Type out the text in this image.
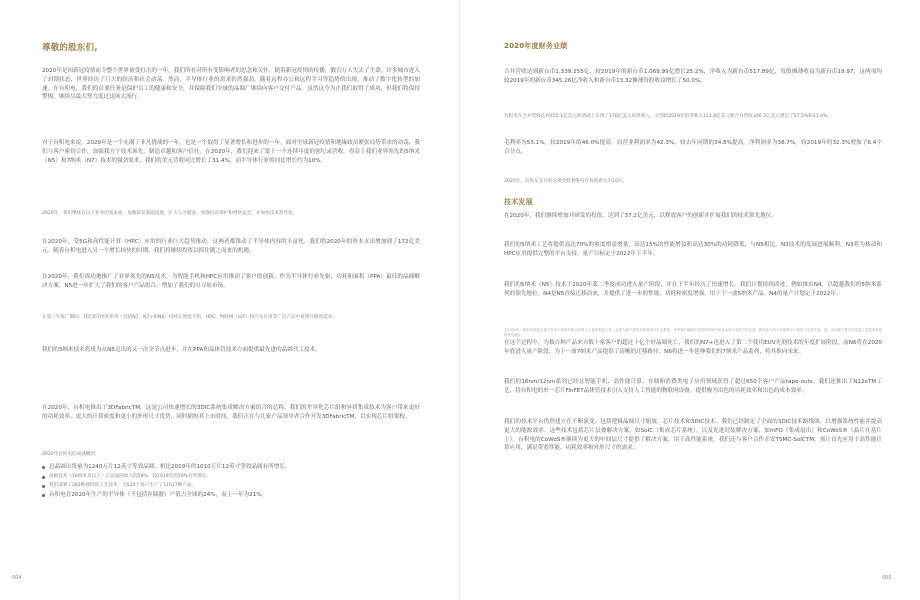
尊敬的股东们,
2020年是因新冠疫情而令整个世界备受打击的一年，我们所看对所有受影响者的思念和关怀。随着新冠疫情的传播，数百万人失去了生命，许多城市进入了封锁状态，世界经历了巨大的经济和社会动荡。然而，半导体行业的需求仍然强劲，随着远程办公和远程学习等趋势的出现，推动了数字化转型的加速。在台积电，我们的首要任务是保护员工的健康和安全，并保障我们全球的晶圆厂继续向客户交付产品。虽然这今为止我们取得了成功，但我们将保持警惕，继续尽最大努力度过这场大流行。
对于台积电来说，2020年是一个充满了非凡挑战的一年，也是一个取得了显著增长和进步的一年。面对全球新冠疫情和地缘政治紧张局势带来的动荡，我们与客户密切合作，加强我方于技术领先、制造卓越和客户信任。在2020年，我们迎来了第十一个连续年度的创纪录营收。得益于我们业界领先的5纳米（N5）和7纳米（N7）技术的强劲需求，我们的美元营收同比增长了31.4%，而半导体行业的同比增长约为10%。
2020年，我们继续在以下业务的基本面，加强研发基础设施，扩大人才储备，加强信息保护和网络安全，并加快技术差异化。
在2020年，受5G和高性能计算（HPC）应用的行业巨大趋势推动，这两者都推动了半导体内容的丰富化。我们将2020年的资本支出增加到了172亿美元。随着台积电进入另一个增长较快的时期，我们将继续投资以抓住随之而来的机遇。
在2020年，我们成功地推广了业界领先的N5技术，为智能手机和HPC应用推动了客户的创新。作为半导体行业先驱，功耗和面积（PPA）最佳的晶圆解决方案。N5进一步扩大了我们的客户产品组合，增加了我们的可寻址市场。
在第三年推广期间，我们的7纳米系列（包括N7、N7+和N6）持续在智能手机、HPC、物联网（IoT）和汽车应用等广泛产品中看到升级的需求。
我们的3纳米技术将成为从N5迈出的又一次全节点进步，并在PPA和晶体管技术方面提供最先进的晶圆代工技术。
在2020年，台积电推出了3DFabricTM，这是公司快速增长的3DIC系统集成解决方案组合的总称。我们的差异化芯片组和异质集成技术为客户带来更好的功耗效率、更大的计算密度和更小的外形尺寸优势，同时缩短其上市时间。我们正在与几家产品领导者合作开发3DFabricTM，以实现芯片组架构。
2020年台积电的成就概况:
总晶圆出货量为1240万片12英寸等效晶圆，相比2019年的1010万片12英寸等效晶圆有所增长。
高级技术（16纳米及以上）占总晶圆收入的58%，较2019年的50%有所增长。
我们部署了281种独特的工艺技术，为510个客户生产了11617种产品。
台积电在2020年生产的半导体（不包括存储器）产值占全球的24%，而上一年为21%。
004
2020年度财务业绩
合并营收达到新台币1,339.255亿，较2019年的新台币1,069.99亿增长25.2%，净收入为新台币517.89亿，每股摊薄收益为新台币19.97，这两项均较2019年的新台币345.26亿净收入和新台币13.32摊薄每股收益增长了50.0%。
台积电在合并营收达到455.1亿美元的基础上实现了176亿美元的净收入，分别较2019年的净收入111.8亿美元和合并营收346.3亿美元增长了57.5%和31.4%。
毛利率为53.1%，较2019年的46.0%提高，而营业利润率为42.3%，较去年同期的34.8%提高。净利润率为38.7%，较2019年的32.3%增加了6.4个百分点。
2020年，向股东支付的总现金股利维持在每股新台币10元。
技术发展
在2020年，我们继续增加对研发的投资，达到了37.2亿美元，以释放客户的创新并扩展我们的技术领先地位。
我们的5纳米工艺将提供高达70%的密度增益增量，高达15%的性能增益和高达30%的功耗降低，与N5相比。N3技术的发展进展顺利。N3将为移动和HPC应用提供完整的平台支持，量产目标定于2022年下半年。
我们的5纳米（N5）技术于2020年第二季度成功进入量产阶段，并在下半年经历了快速增长。我们计划持续改进，例如推出N4，以超越我们的5纳米系列的领先地位。N4是N5直接迁移而来，并提供了进一步的性能、功耗和密度增强，用于下一波5纳米产品。N4的量产计划定于2022年。
在2020年，我们为持续与客户在各个领域开展合作做了大量的准备工作，包括为客户提供优化的设计生态系统，并使客户能够在更短的时间内完成从设计到生产的过渡。我们还为各个市场推出了新的工艺和产品，进一步加强了我们在先进工艺技术领域的领先地位。
在这个过程中，为数百种产品来自数十家客户的超过十亿个好晶圆死亡，我们的N7+也进入了第二个使用EUV光刻技术的年度扩展阶段，而N6将在2020年底进入量产阶段，为下一波7纳米产品提供了清晰的迁移路径。N6将进一步延伸我们的7纳米产品系列，将其推向未来。
我们的16nm/12nm系列已经在智能手机、高性能计算、存储和消费类电子应用领域获得了超过650个客户产品tape-outs。我们还推出了N12eTM工艺，将台积电的单一芯片FinFET晶体管技术引入支持人工智能的物联网设备，提供极为出色的功耗效率和出色的成本效率。
我们的技术平台仍然建立在不断演变、包括逻辑晶圆尺寸缩放、芯片技术和3DIC技术。我们已经制定了全面的3DIC技术路线图，以增强系统性能并提高更大的能源效率。这些技术包括芯片层叠解决方案，如SoIC（集成芯片系统），以及先进封装解决方案，如InFO（集成扇出）和CoWoS®（晶片在基片上）。台积电的CoWoS®继续为更大的中间层尺寸提供了解决方案，用于高性能系统。我们还与客户合作开发TSMC-SoICTM，预计首先应用于高性能计算应用，满足带宽性能、功耗效率和外形尺寸的需求。
005
